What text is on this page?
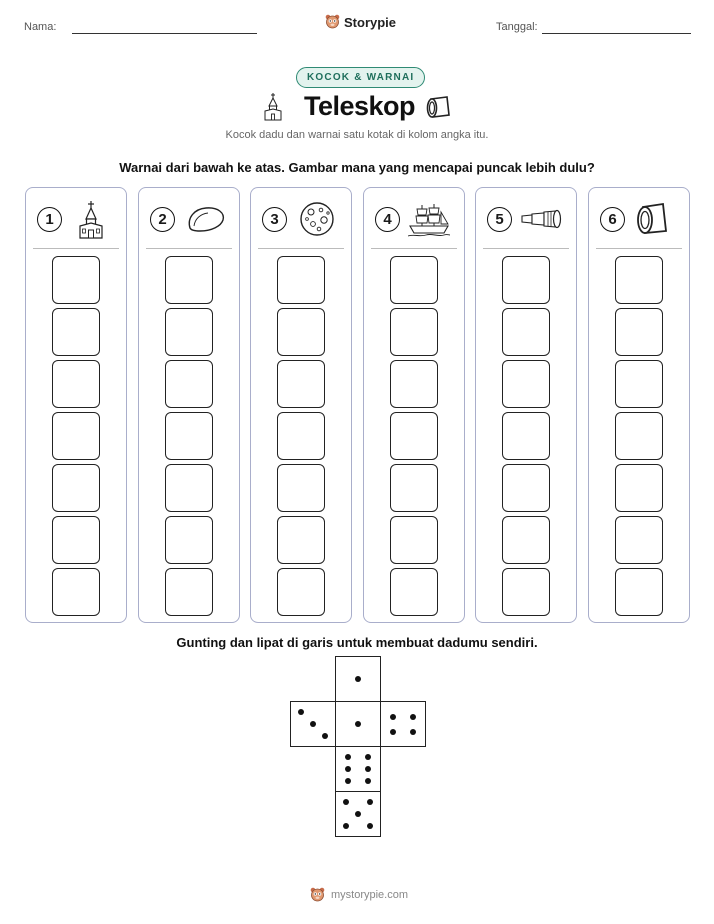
Nama:	Storypie	Tanggal:
KOCOK & WARNAI
Teleskop
Kocok dadu dan warnai satu kotak di kolom angka itu.
Warnai dari bawah ke atas. Gambar mana yang mencapai puncak lebih dulu?
1	2	3	4	5	6
Gunting dan lipat di garis untuk membuat dadumu sendiri.
mystorypie.com
